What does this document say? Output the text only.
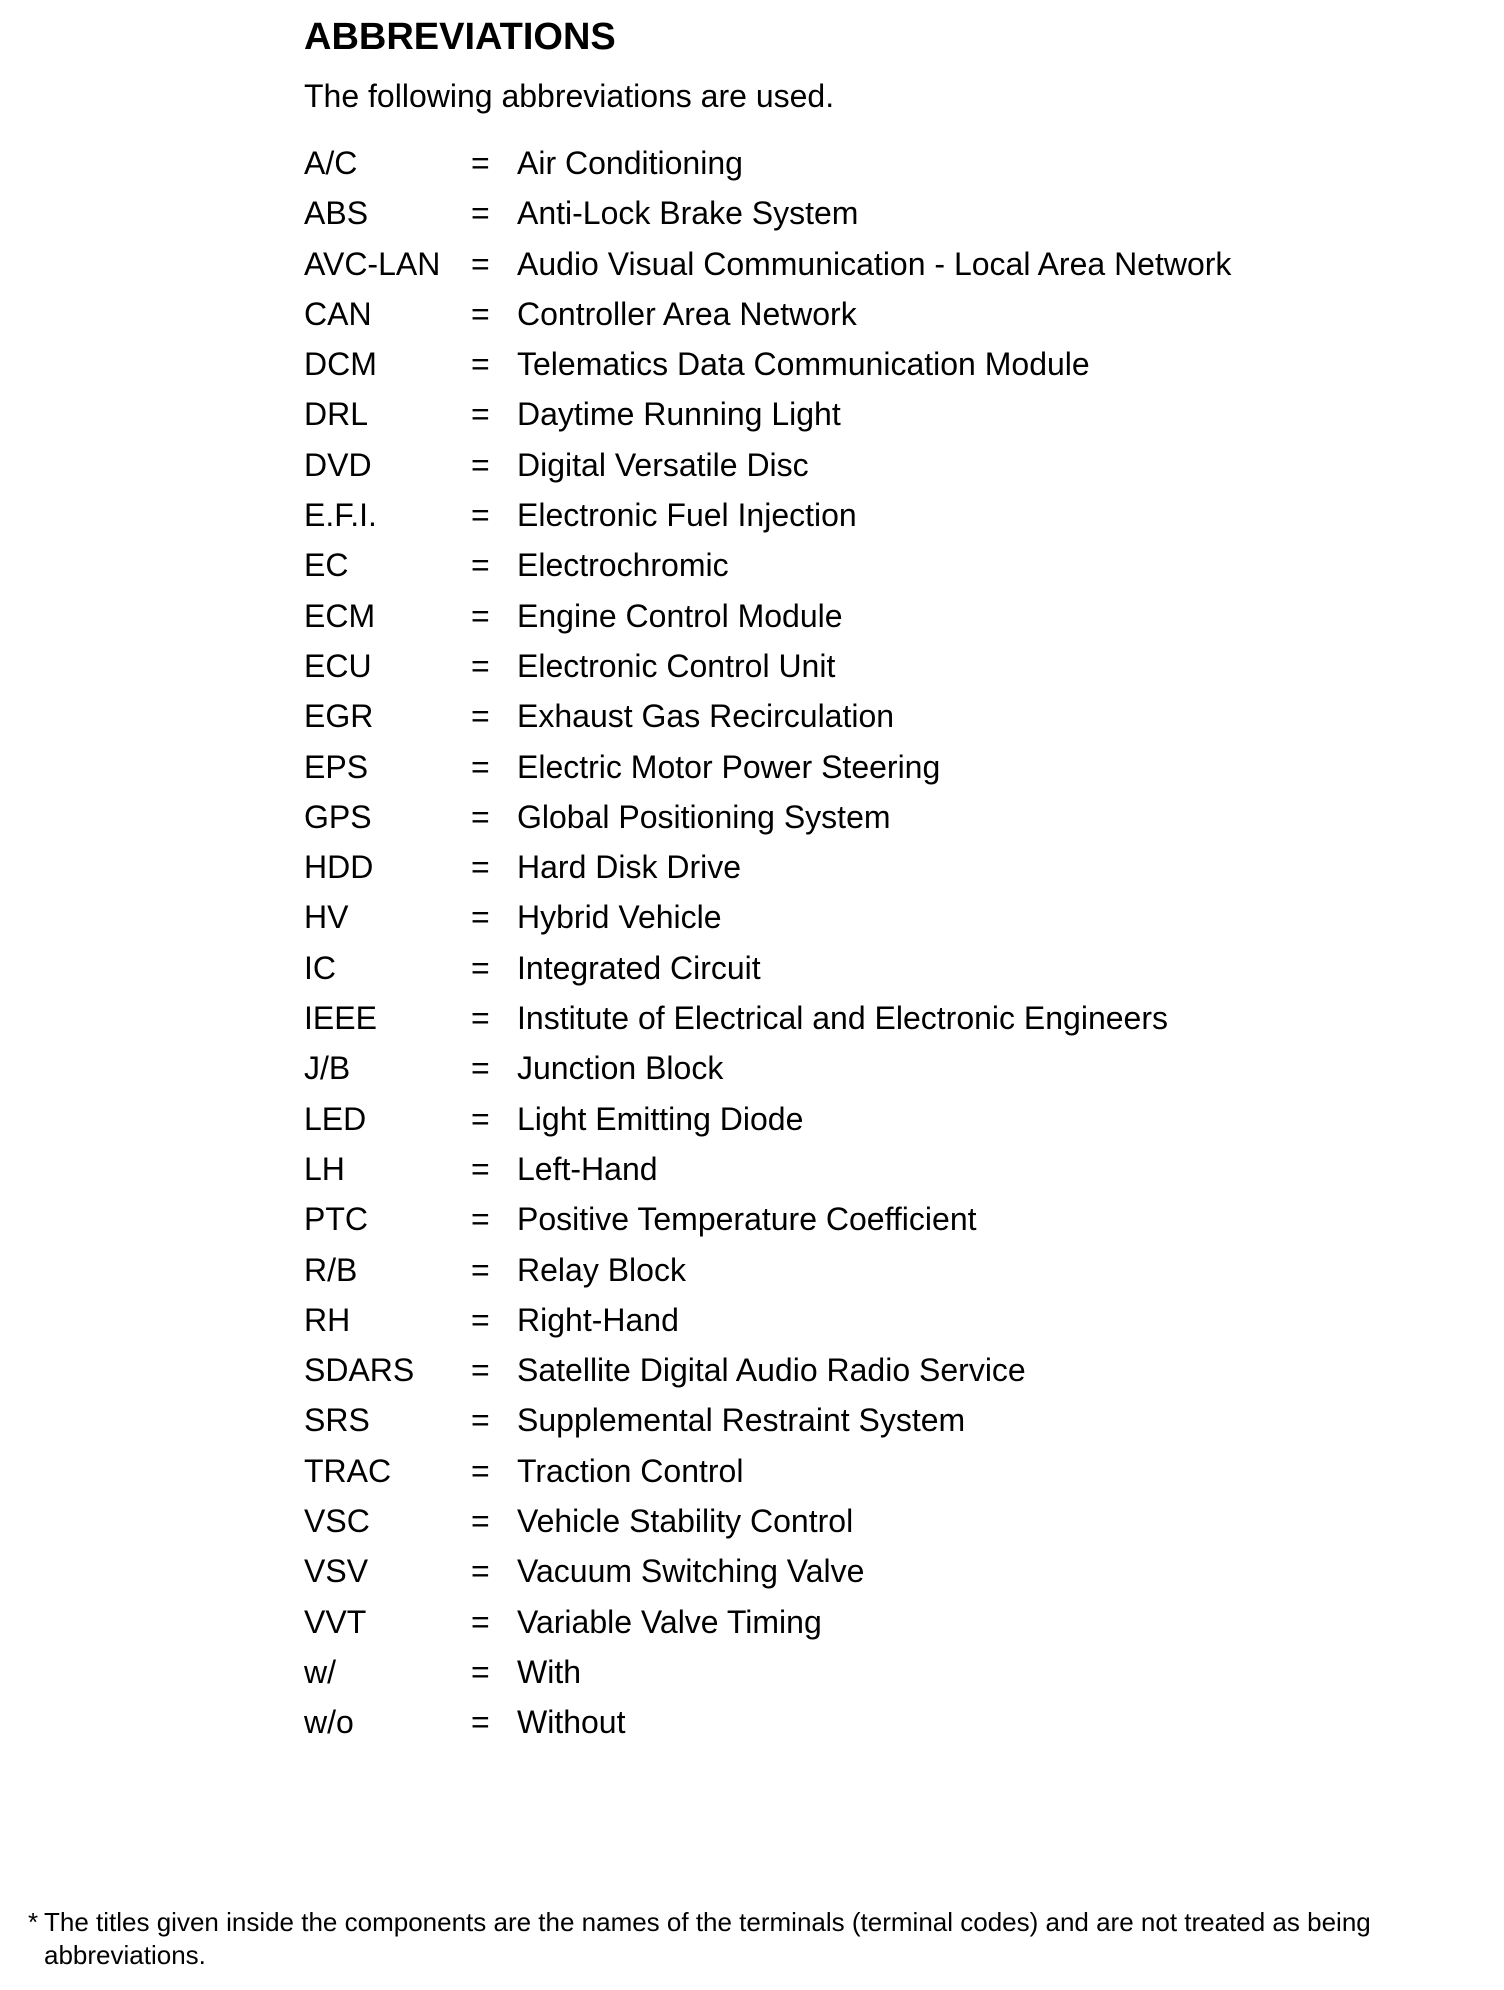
ABBREVIATIONS
The following abbreviations are used.
A/C	= Air Conditioning
ABS	= Anti-Lock Brake System
AVC-LAN = Audio Visual Communication - Local Area Network
CAN	= Controller Area Network
DCM	= Telematics Data Communication Module
DRL	= Daytime Running Light
DVD	= Digital Versatile Disc
E.F.I.	= Electronic Fuel Injection
EC	= Electrochromic
ECM	= Engine Control Module
ECU	= Electronic Control Unit
EGR	= Exhaust Gas Recirculation
EPS	= Electric Motor Power Steering
GPS	= Global Positioning System
HDD	= Hard Disk Drive
HV	= Hybrid Vehicle
IC	= Integrated Circuit
IEEE	= Institute of Electrical and Electronic Engineers
J/B	= Junction Block
LED	= Light Emitting Diode
LH	= Left-Hand
PTC	= Positive Temperature Coefficient
R/B	= Relay Block
RH	= Right-Hand
SDARS = Satellite Digital Audio Radio Service
SRS	= Supplemental Restraint System
TRAC = Traction Control
VSC	= Vehicle Stability Control
VSV	= Vacuum Switching Valve
VVT	= Variable Valve Timing
w/	= With
w/o	= Without
* The titles given inside the components are the names of the terminals (terminal codes) and are not treated as being abbreviations.
